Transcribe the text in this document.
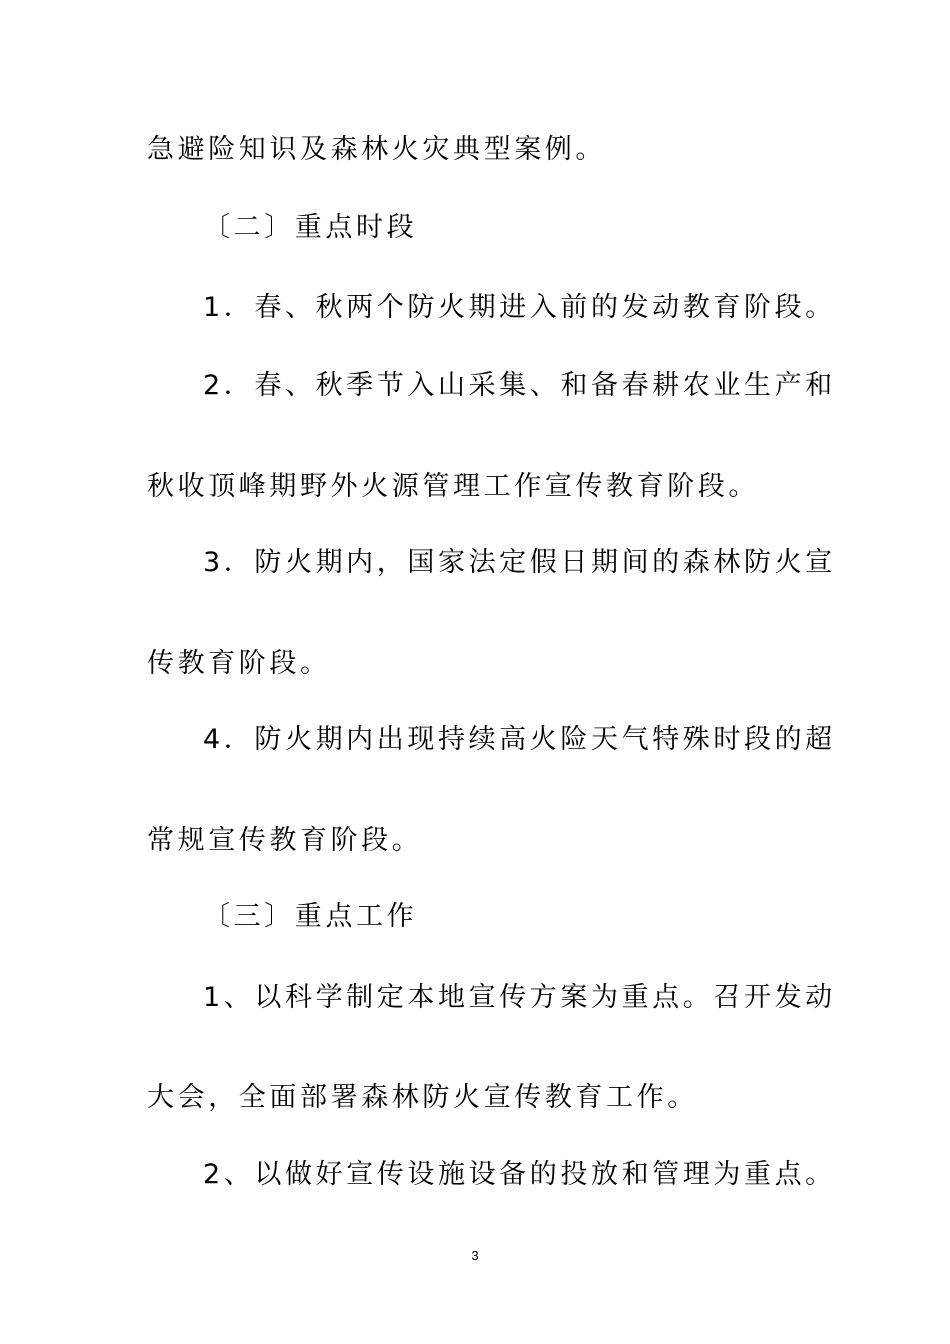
急避险知识及森林火灾典型案例。
〔二〕重点时段
1．春、秋两个防火期进入前的发动教育阶段。
2．春、秋季节入山采集、和备春耕农业生产和
秋收顶峰期野外火源管理工作宣传教育阶段。
3．防火期内，国家法定假日期间的森林防火宣
传教育阶段。
4．防火期内出现持续高火险天气特殊时段的超
常规宣传教育阶段。
〔三〕重点工作
1、以科学制定本地宣传方案为重点。召开发动
大会，全面部署森林防火宣传教育工作。
2、以做好宣传设施设备的投放和管理为重点。
3
